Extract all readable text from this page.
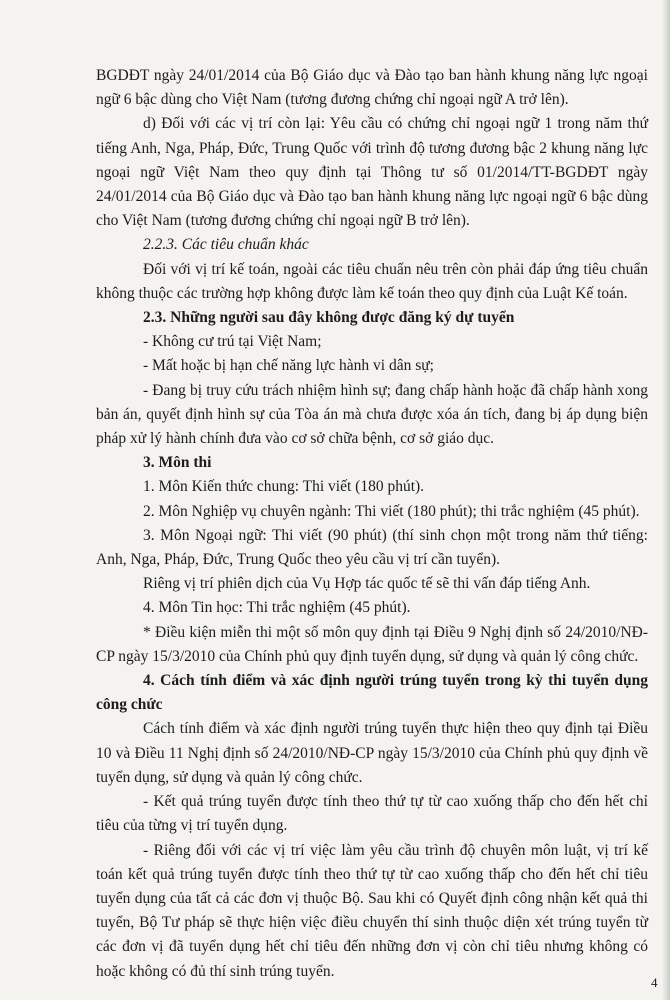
BGDĐT ngày 24/01/2014 của Bộ Giáo dục và Đào tạo ban hành khung năng lực ngoại ngữ 6 bậc dùng cho Việt Nam (tương đương chứng chỉ ngoại ngữ A trở lên).

d) Đối với các vị trí còn lại: Yêu cầu có chứng chỉ ngoại ngữ 1 trong năm thứ tiếng Anh, Nga, Pháp, Đức, Trung Quốc với trình độ tương đương bậc 2 khung năng lực ngoại ngữ Việt Nam theo quy định tại Thông tư số 01/2014/TT-BGDĐT ngày 24/01/2014 của Bộ Giáo dục và Đào tạo ban hành khung năng lực ngoại ngữ 6 bậc dùng cho Việt Nam (tương đương chứng chỉ ngoại ngữ B trở lên).

2.2.3. Các tiêu chuẩn khác

Đối với vị trí kế toán, ngoài các tiêu chuẩn nêu trên còn phải đáp ứng tiêu chuẩn không thuộc các trường hợp không được làm kế toán theo quy định của Luật Kế toán.

2.3. Những người sau đây không được đăng ký dự tuyển

- Không cư trú tại Việt Nam;

- Mất hoặc bị hạn chế năng lực hành vi dân sự;

- Đang bị truy cứu trách nhiệm hình sự; đang chấp hành hoặc đã chấp hành xong bản án, quyết định hình sự của Tòa án mà chưa được xóa án tích, đang bị áp dụng biện pháp xử lý hành chính đưa vào cơ sở chữa bệnh, cơ sở giáo dục.

3. Môn thi

1. Môn Kiến thức chung: Thi viết (180 phút).

2. Môn Nghiệp vụ chuyên ngành: Thi viết (180 phút); thi trắc nghiệm (45 phút).

3. Môn Ngoại ngữ: Thi viết (90 phút) (thí sinh chọn một trong năm thứ tiếng: Anh, Nga, Pháp, Đức, Trung Quốc theo yêu cầu vị trí cần tuyển).

Riêng vị trí phiên dịch của Vụ Hợp tác quốc tế sẽ thi vấn đáp tiếng Anh.

4. Môn Tin học: Thi trắc nghiệm (45 phút).

* Điều kiện miễn thi một số môn quy định tại Điều 9 Nghị định số 24/2010/NĐ-CP ngày 15/3/2010 của Chính phủ quy định tuyển dụng, sử dụng và quản lý công chức.

4. Cách tính điểm và xác định người trúng tuyển trong kỳ thi tuyển dụng công chức

Cách tính điểm và xác định người trúng tuyển thực hiện theo quy định tại Điều 10 và Điều 11 Nghị định số 24/2010/NĐ-CP ngày 15/3/2010 của Chính phủ quy định về tuyển dụng, sử dụng và quản lý công chức.

- Kết quả trúng tuyển được tính theo thứ tự từ cao xuống thấp cho đến hết chỉ tiêu của từng vị trí tuyển dụng.

- Riêng đối với các vị trí việc làm yêu cầu trình độ chuyên môn luật, vị trí kế toán kết quả trúng tuyển được tính theo thứ tự từ cao xuống thấp cho đến hết chỉ tiêu tuyển dụng của tất cả các đơn vị thuộc Bộ. Sau khi có Quyết định công nhận kết quả thi tuyển, Bộ Tư pháp sẽ thực hiện việc điều chuyển thí sinh thuộc diện xét trúng tuyển từ các đơn vị đã tuyển dụng hết chỉ tiêu đến những đơn vị còn chỉ tiêu nhưng không có hoặc không có đủ thí sinh trúng tuyển.

4
